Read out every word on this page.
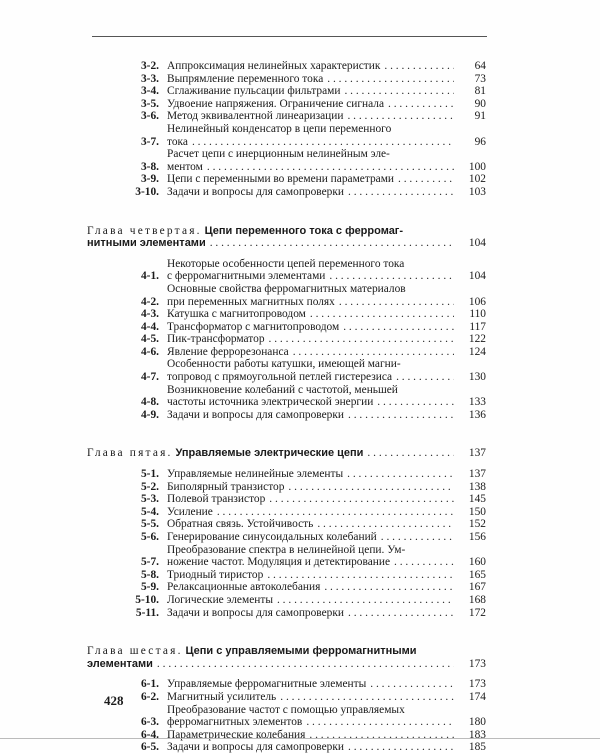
3-2. Аппроксимация нелинейных характеристик . . .	64
3-3. Выпрямление переменного тока . . .	73
3-4. Сглаживание пульсации фильтрами . . .	81
3-5. Удвоение напряжения. Ограничение сигнала . . .	90
3-6. Метод эквивалентной линеаризации . . .	91
3-7.
Нелинейный конденсатор в цепи переменного
тока . . .	96
3-8.
Расчет цепи с инерционным нелинейным эле-
ментом . . .	100
3-9. Цепи с переменными во времени параметрами . . .	102
3-10. Задачи и вопросы для самопроверки . . .	103
Глава четвертая. Цепи переменного тока с ферромаг-
нитными элементами . . .	104
4-1.
Некоторые особенности цепей переменного тока
с ферромагнитными элементами . . .	104
4-2.
Основные свойства ферромагнитных материалов
при переменных магнитных полях . . .	106
4-3. Катушка с магнитопроводом . . .	110
4-4. Трансформатор с магнитопроводом . . .	117
4-5. Пик-трансформатор . . .	122
4-6. Явление феррорезонанса . . .	124
4-7.
Особенности работы катушки, имеющей магни-
топровод с прямоугольной петлей гистерезиса . . .	130
4-8.
Возникновение колебаний с частотой, меньшей
частоты источника электрической энергии . . .	133
4-9. Задачи и вопросы для самопроверки . . .	136
Глава пятая. Управляемые электрические цепи . . .	137
5-1. Управляемые нелинейные элементы . . .	137
5-2. Биполярный транзистор . . .	138
5-3. Полевой транзистор . . .	145
5-4. Усиление . . .	150
5-5. Обратная связь. Устойчивость . . .	152
5-6. Генерирование синусоидальных колебаний . . .	156
5-7.
Преобразование спектра в нелинейной цепи. Ум-
ножение частот. Модуляция и детектирование . . .	160
5-8. Триодный тиристор . . .	165
5-9. Релаксационные автоколебания . . .	167
5-10. Логические элементы . . .	168
5-11. Задачи и вопросы для самопроверки . . .	172
Глава шестая. Цепи с управляемыми ферромагнитными
элементами . . .	173
6-1. Управляемые ферромагнитные элементы . . .	173
6-2. Магнитный усилитель . . .	174
6-3.
Преобразование частот с помощью управляемых
ферромагнитных элементов . . .	180
6-4. Параметрические колебания . . .	183
6-5. Задачи и вопросы для самопроверки . . .	185
428
